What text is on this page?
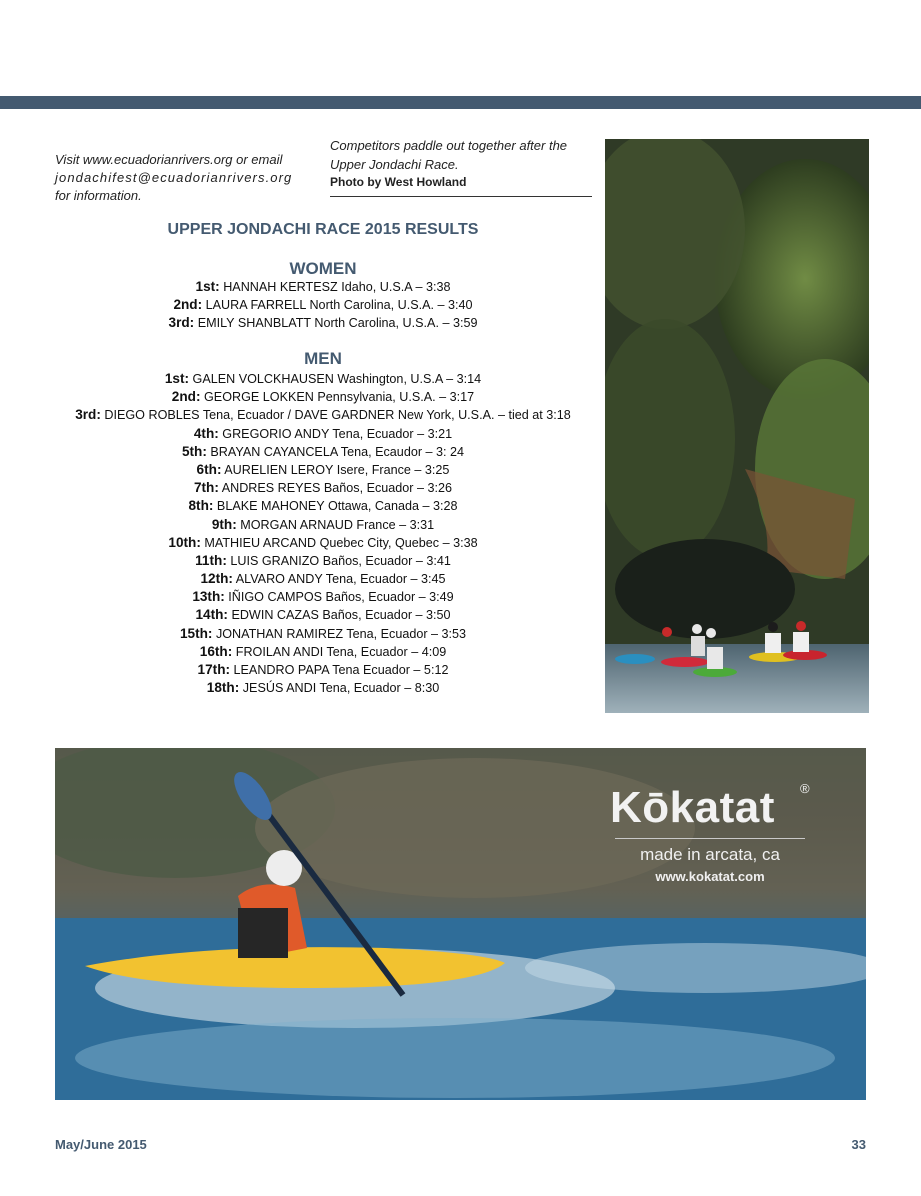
Visit www.ecuadorianrivers.org or email
jondachifest@ecuadorianrivers.org
for information.
Competitors paddle out together after the Upper Jondachi Race.
Photo by West Howland
UPPER JONDACHI RACE 2015 RESULTS
WOMEN
1st: HANNAH KERTESZ Idaho, U.S.A – 3:38
2nd: LAURA FARRELL North Carolina, U.S.A. – 3:40
3rd: EMILY SHANBLATT North Carolina, U.S.A. – 3:59
MEN
1st: GALEN VOLCKHAUSEN Washington, U.S.A – 3:14
2nd: GEORGE LOKKEN Pennsylvania, U.S.A. – 3:17
3rd: DIEGO ROBLES Tena, Ecuador / DAVE GARDNER New York, U.S.A. – tied at 3:18
4th: GREGORIO ANDY Tena, Ecuador – 3:21
5th: BRAYAN CAYANCELA Tena, Ecaudor – 3: 24
6th: AURELIEN LEROY Isere, France – 3:25
7th: ANDRES REYES Baños, Ecuador – 3:26
8th: BLAKE MAHONEY Ottawa, Canada – 3:28
9th: MORGAN ARNAUD France – 3:31
10th: MATHIEU ARCAND Quebec City, Quebec – 3:38
11th: LUIS GRANIZO Baños, Ecuador – 3:41
12th: ALVARO ANDY Tena, Ecuador – 3:45
13th: IÑIGO CAMPOS Baños, Ecuador – 3:49
14th: EDWIN CAZAS Baños, Ecuador – 3:50
15th: JONATHAN RAMIREZ Tena, Ecuador – 3:53
16th: FROILAN ANDI Tena, Ecuador – 4:09
17th: LEANDRO PAPA Tena Ecuador – 5:12
18th: JESÚS ANDI Tena, Ecuador – 8:30
Kōkatat	®
made in arcata, ca
www.kokatat.com
May/June 2015	33
